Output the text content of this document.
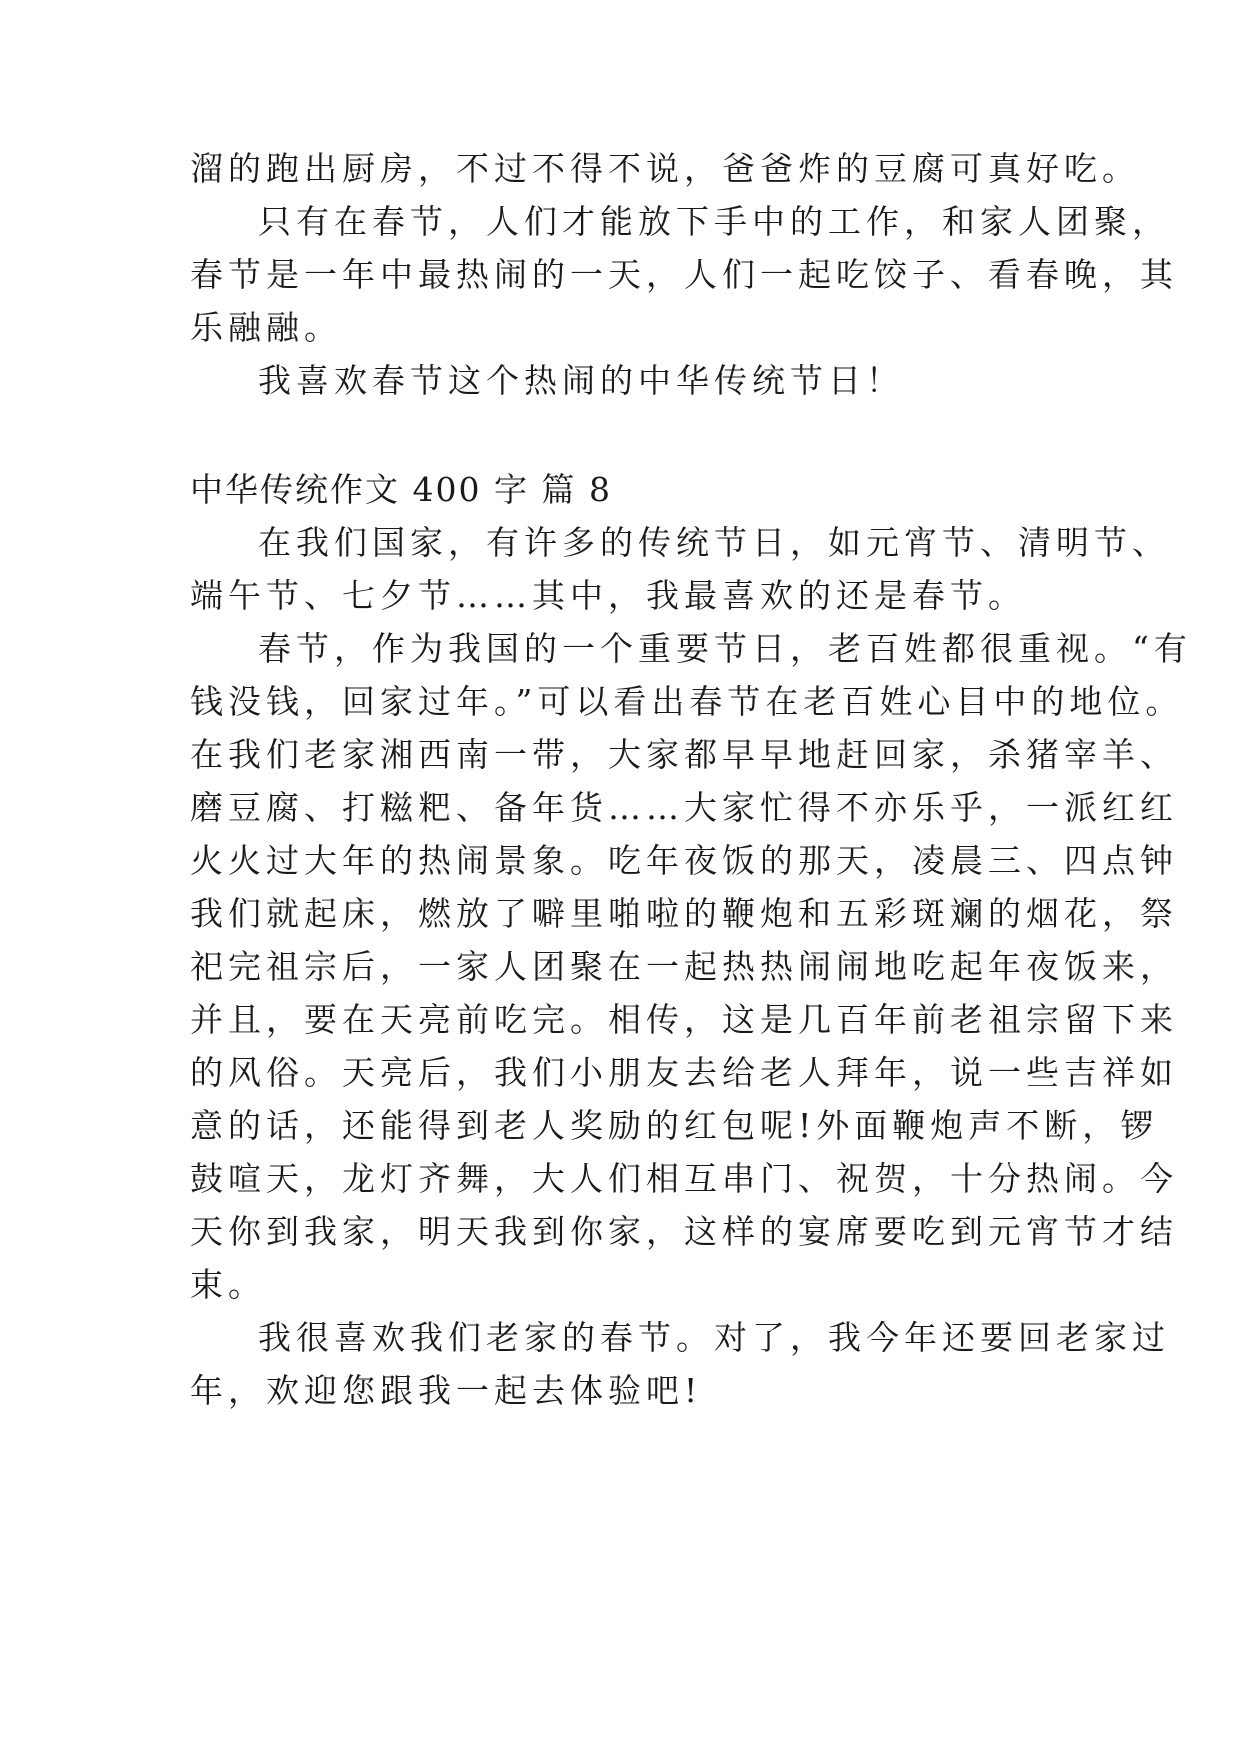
溜的跑出厨房，不过不得不说，爸爸炸的豆腐可真好吃。
只有在春节，人们才能放下手中的工作，和家人团聚，
春节是一年中最热闹的一天，人们一起吃饺子、看春晚，其
乐融融。
我喜欢春节这个热闹的中华传统节日！
中华传统作文 400 字 篇 8
在我们国家，有许多的传统节日，如元宵节、清明节、
端午节、七夕节……其中，我最喜欢的还是春节。
春节，作为我国的一个重要节日，老百姓都很重视。“有
钱没钱，回家过年。”可以看出春节在老百姓心目中的地位。
在我们老家湘西南一带，大家都早早地赶回家，杀猪宰羊、
磨豆腐、打糍粑、备年货……大家忙得不亦乐乎，一派红红
火火过大年的热闹景象。吃年夜饭的那天，凌晨三、四点钟
我们就起床，燃放了噼里啪啦的鞭炮和五彩斑斓的烟花，祭
祀完祖宗后，一家人团聚在一起热热闹闹地吃起年夜饭来，
并且，要在天亮前吃完。相传，这是几百年前老祖宗留下来
的风俗。天亮后，我们小朋友去给老人拜年，说一些吉祥如
意的话，还能得到老人奖励的红包呢!外面鞭炮声不断，锣
鼓喧天，龙灯齐舞，大人们相互串门、祝贺，十分热闹。今
天你到我家，明天我到你家，这样的宴席要吃到元宵节才结
束。
我很喜欢我们老家的春节。对了，我今年还要回老家过
年，欢迎您跟我一起去体验吧!
